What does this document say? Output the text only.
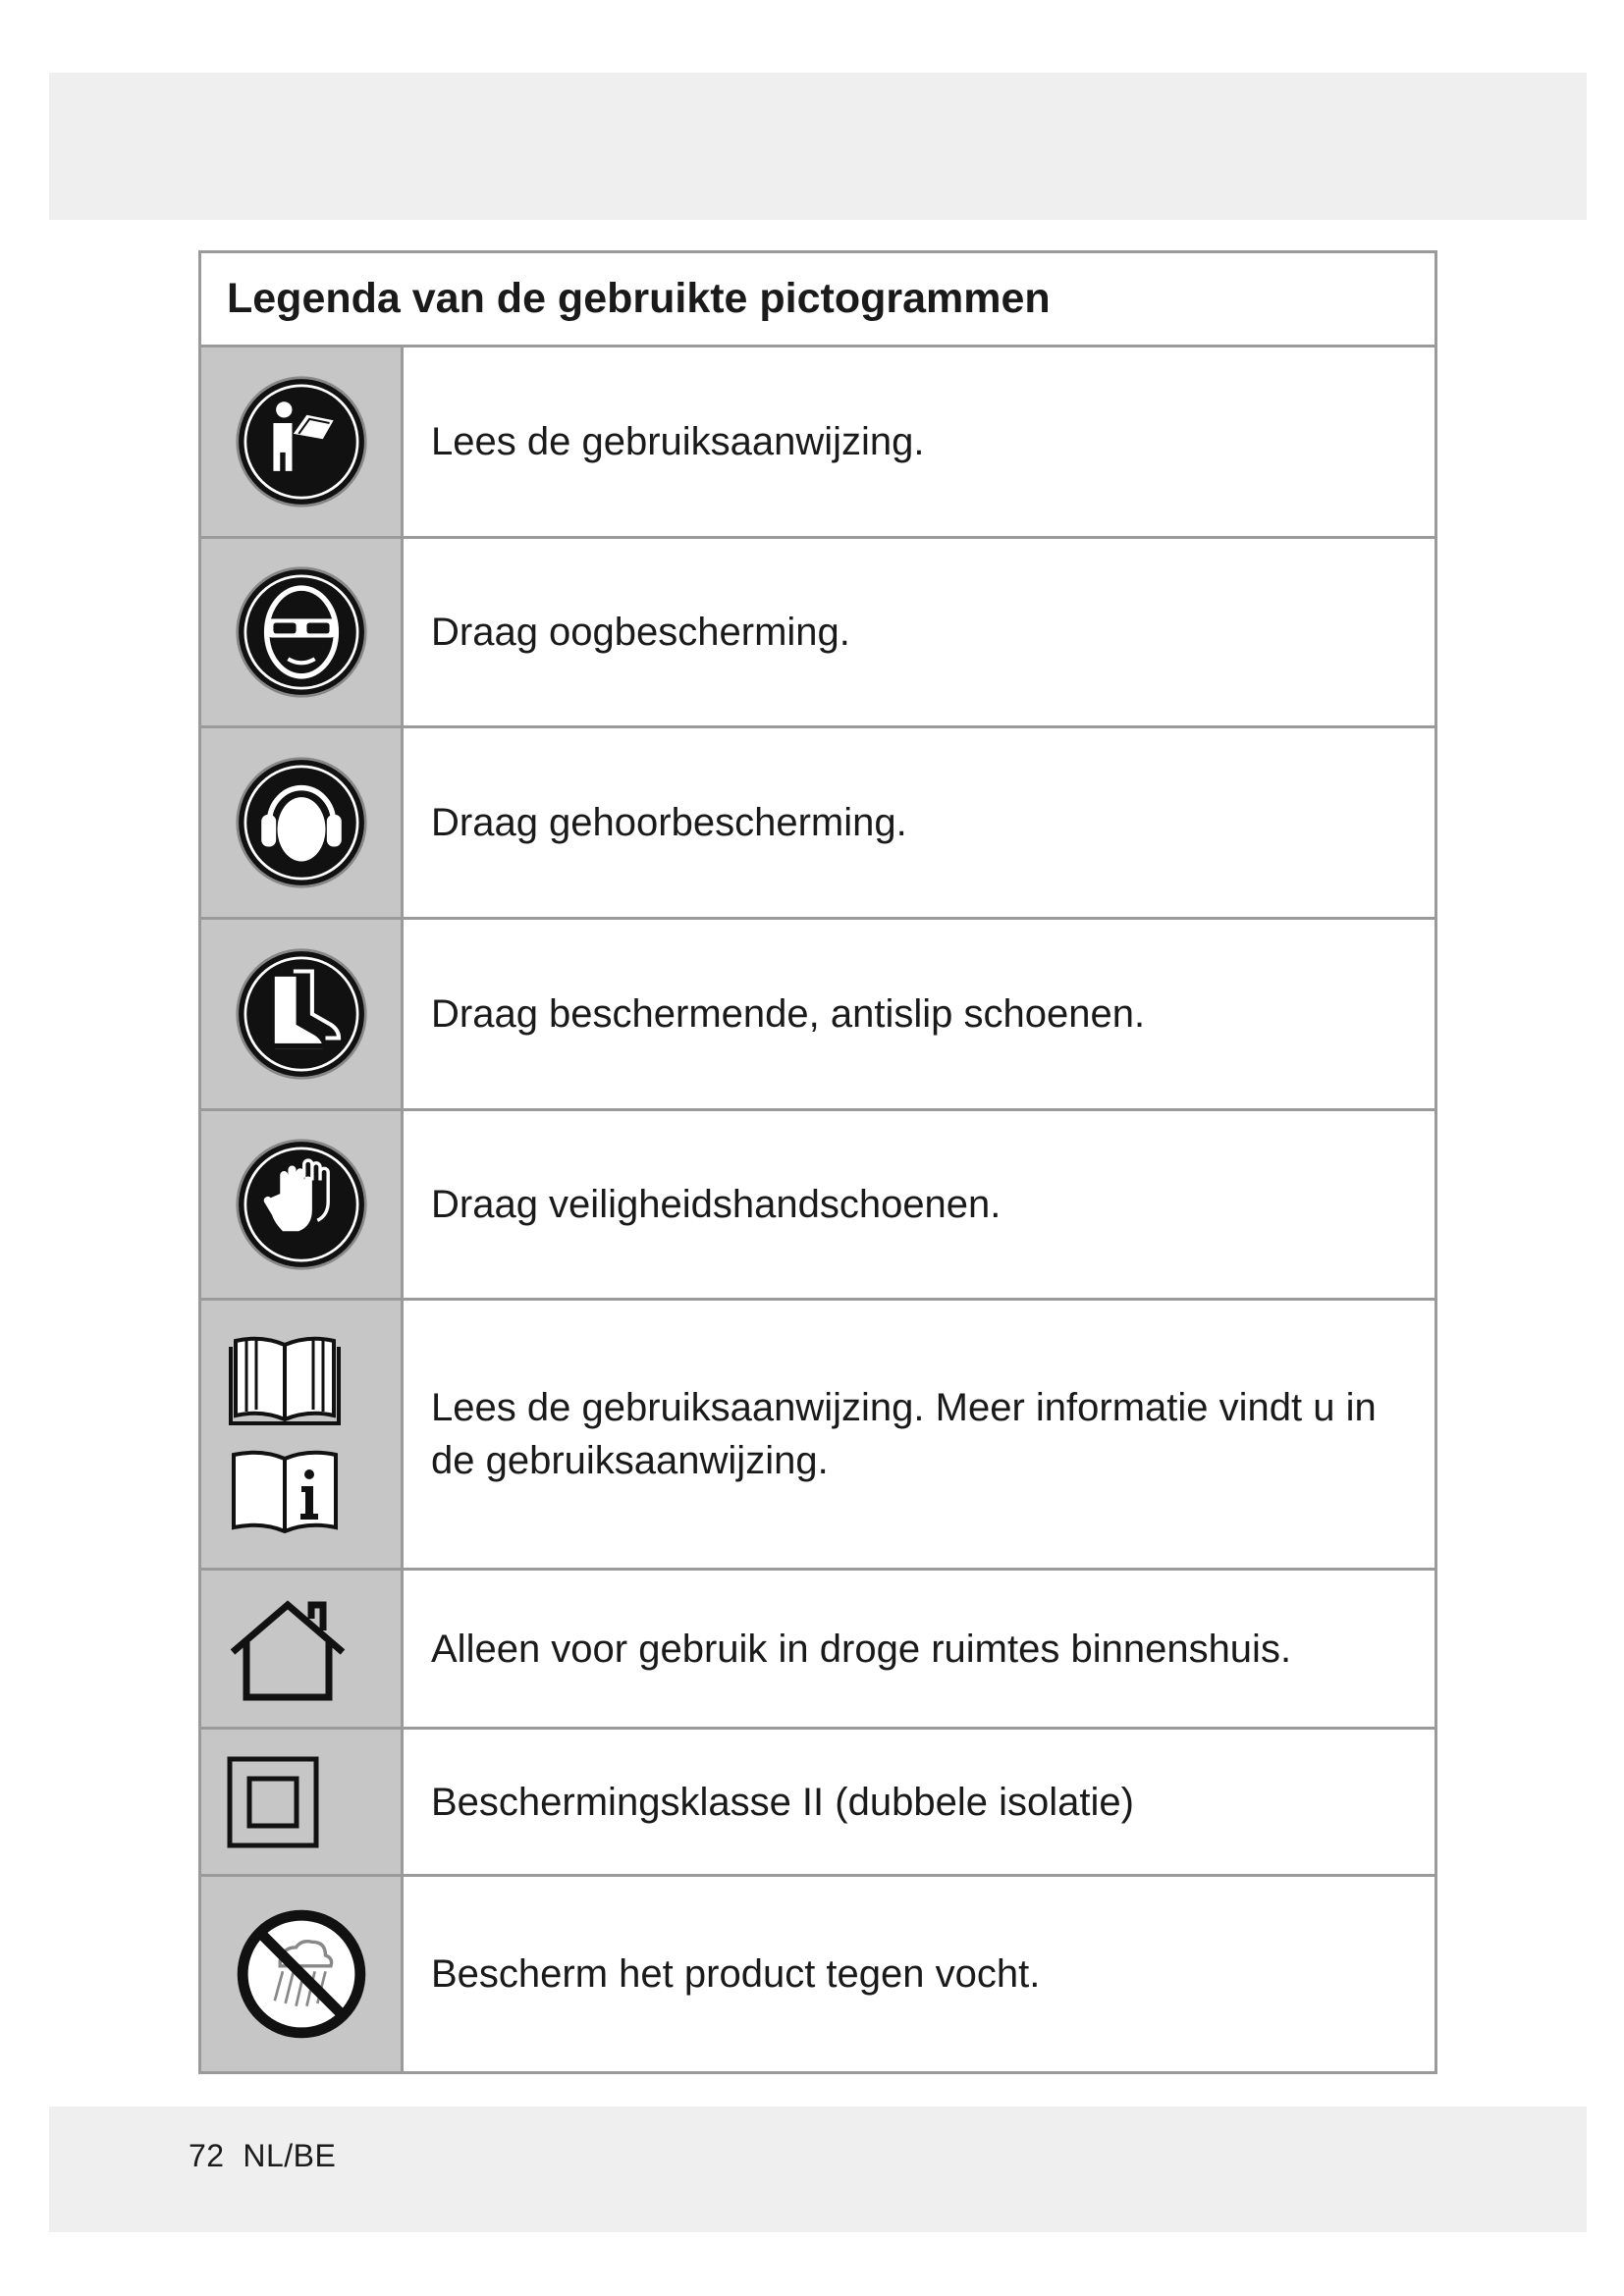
Legenda van de gebruikte pictogrammen
Lees de gebruiksaanwijzing.
Draag oogbescherming.
Draag gehoorbescherming.
Draag beschermende, antislip schoenen.
Draag veiligheidshandschoenen.
Lees de gebruiksaanwijzing. Meer informatie vindt u in de gebruiksaanwijzing.
Alleen voor gebruik in droge ruimtes binnenshuis.
Beschermingsklasse II (dubbele isolatie)
Bescherm het product tegen vocht.
72  NL/BE
